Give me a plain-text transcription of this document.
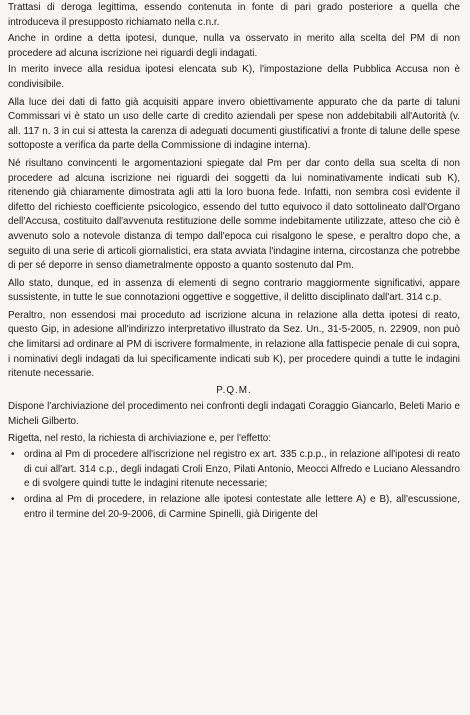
Trattasi di deroga legittima, essendo contenuta in fonte di pari grado posteriore a quella che introduceva il presupposto richiamato nella c.n.r.

Anche in ordine a detta ipotesi, dunque, nulla va osservato in merito alla scelta del PM di non procedere ad alcuna iscrizione nei riguardi degli indagati.

In merito invece alla residua ipotesi elencata sub K), l'impostazione della Pubblica Accusa non è condivisibile.

Alla luce dei dati di fatto già acquisiti appare invero obiettivamente appurato che da parte di taluni Commissari vi è stato un uso delle carte di credito aziendali per spese non addebitabili all'Autorità (v. all. 117 n. 3 in cui si attesta la carenza di adeguati documenti giustificativi a fronte di talune delle spese sottoposte a verifica da parte della Commissione di indagine interna).

Né risultano convincenti le argomentazioni spiegate dal Pm per dar conto della sua scelta di non procedere ad alcuna iscrizione nei riguardi dei soggetti da lui nominativamente indicati sub K), ritenendo già chiaramente dimostrata agli atti la loro buona fede. Infatti, non sembra così evidente il difetto del richiesto coefficiente psicologico, essendo del tutto equivoco il dato sottolineato dall'Organo dell'Accusa, costituito dall'avvenuta restituzione delle somme indebitamente utilizzate, atteso che ciò è avvenuto solo a notevole distanza di tempo dall'epoca cui risalgono le spese, e peraltro dopo che, a seguito di una serie di articoli giornalistici, era stata avviata l'indagine interna, circostanza che potrebbe di per sé deporre in senso diametralmente opposto a quanto sostenuto dal Pm.

Allo stato, dunque, ed in assenza di elementi di segno contrario maggiormente significativi, appare sussistente, in tutte le sue connotazioni oggettive e soggettive, il delitto disciplinato dall'art. 314 c.p.

Peraltro, non essendosi mai proceduto ad iscrizione alcuna in relazione alla detta ipotesi di reato, questo Gip, in adesione all'indirizzo interpretativo illustrato da Sez. Un., 31-5-2005, n. 22909, non può che limitarsi ad ordinare al PM di iscrivere formalmente, in relazione alla fattispecie penale di cui sopra, i nominativi degli indagati da lui specificamente indicati sub K), per procedere quindi a tutte le indagini ritenute necessarie.

P.Q.M.

Dispone l'archiviazione del procedimento nei confronti degli indagati Coraggio Giancarlo, Beleti Mario e Micheli Gilberto.

Rigetta, nel resto, la richiesta di archiviazione e, per l'effetto:

• ordina al Pm di procedere all'iscrizione nel registro ex art. 335 c.p.p., in relazione all'ipotesi di reato di cui all'art. 314 c.p., degli indagati Croli Enzo, Pilati Antonio, Meocci Alfredo e Luciano Alessandro e di svolgere quindi tutte le indagini ritenute necessarie;
• ordina al Pm di procedere, in relazione alle ipotesi contestate alle lettere A) e B), all'escussione, entro il termine del 20-9-2006, di Carmine Spinelli, già Dirigente del
